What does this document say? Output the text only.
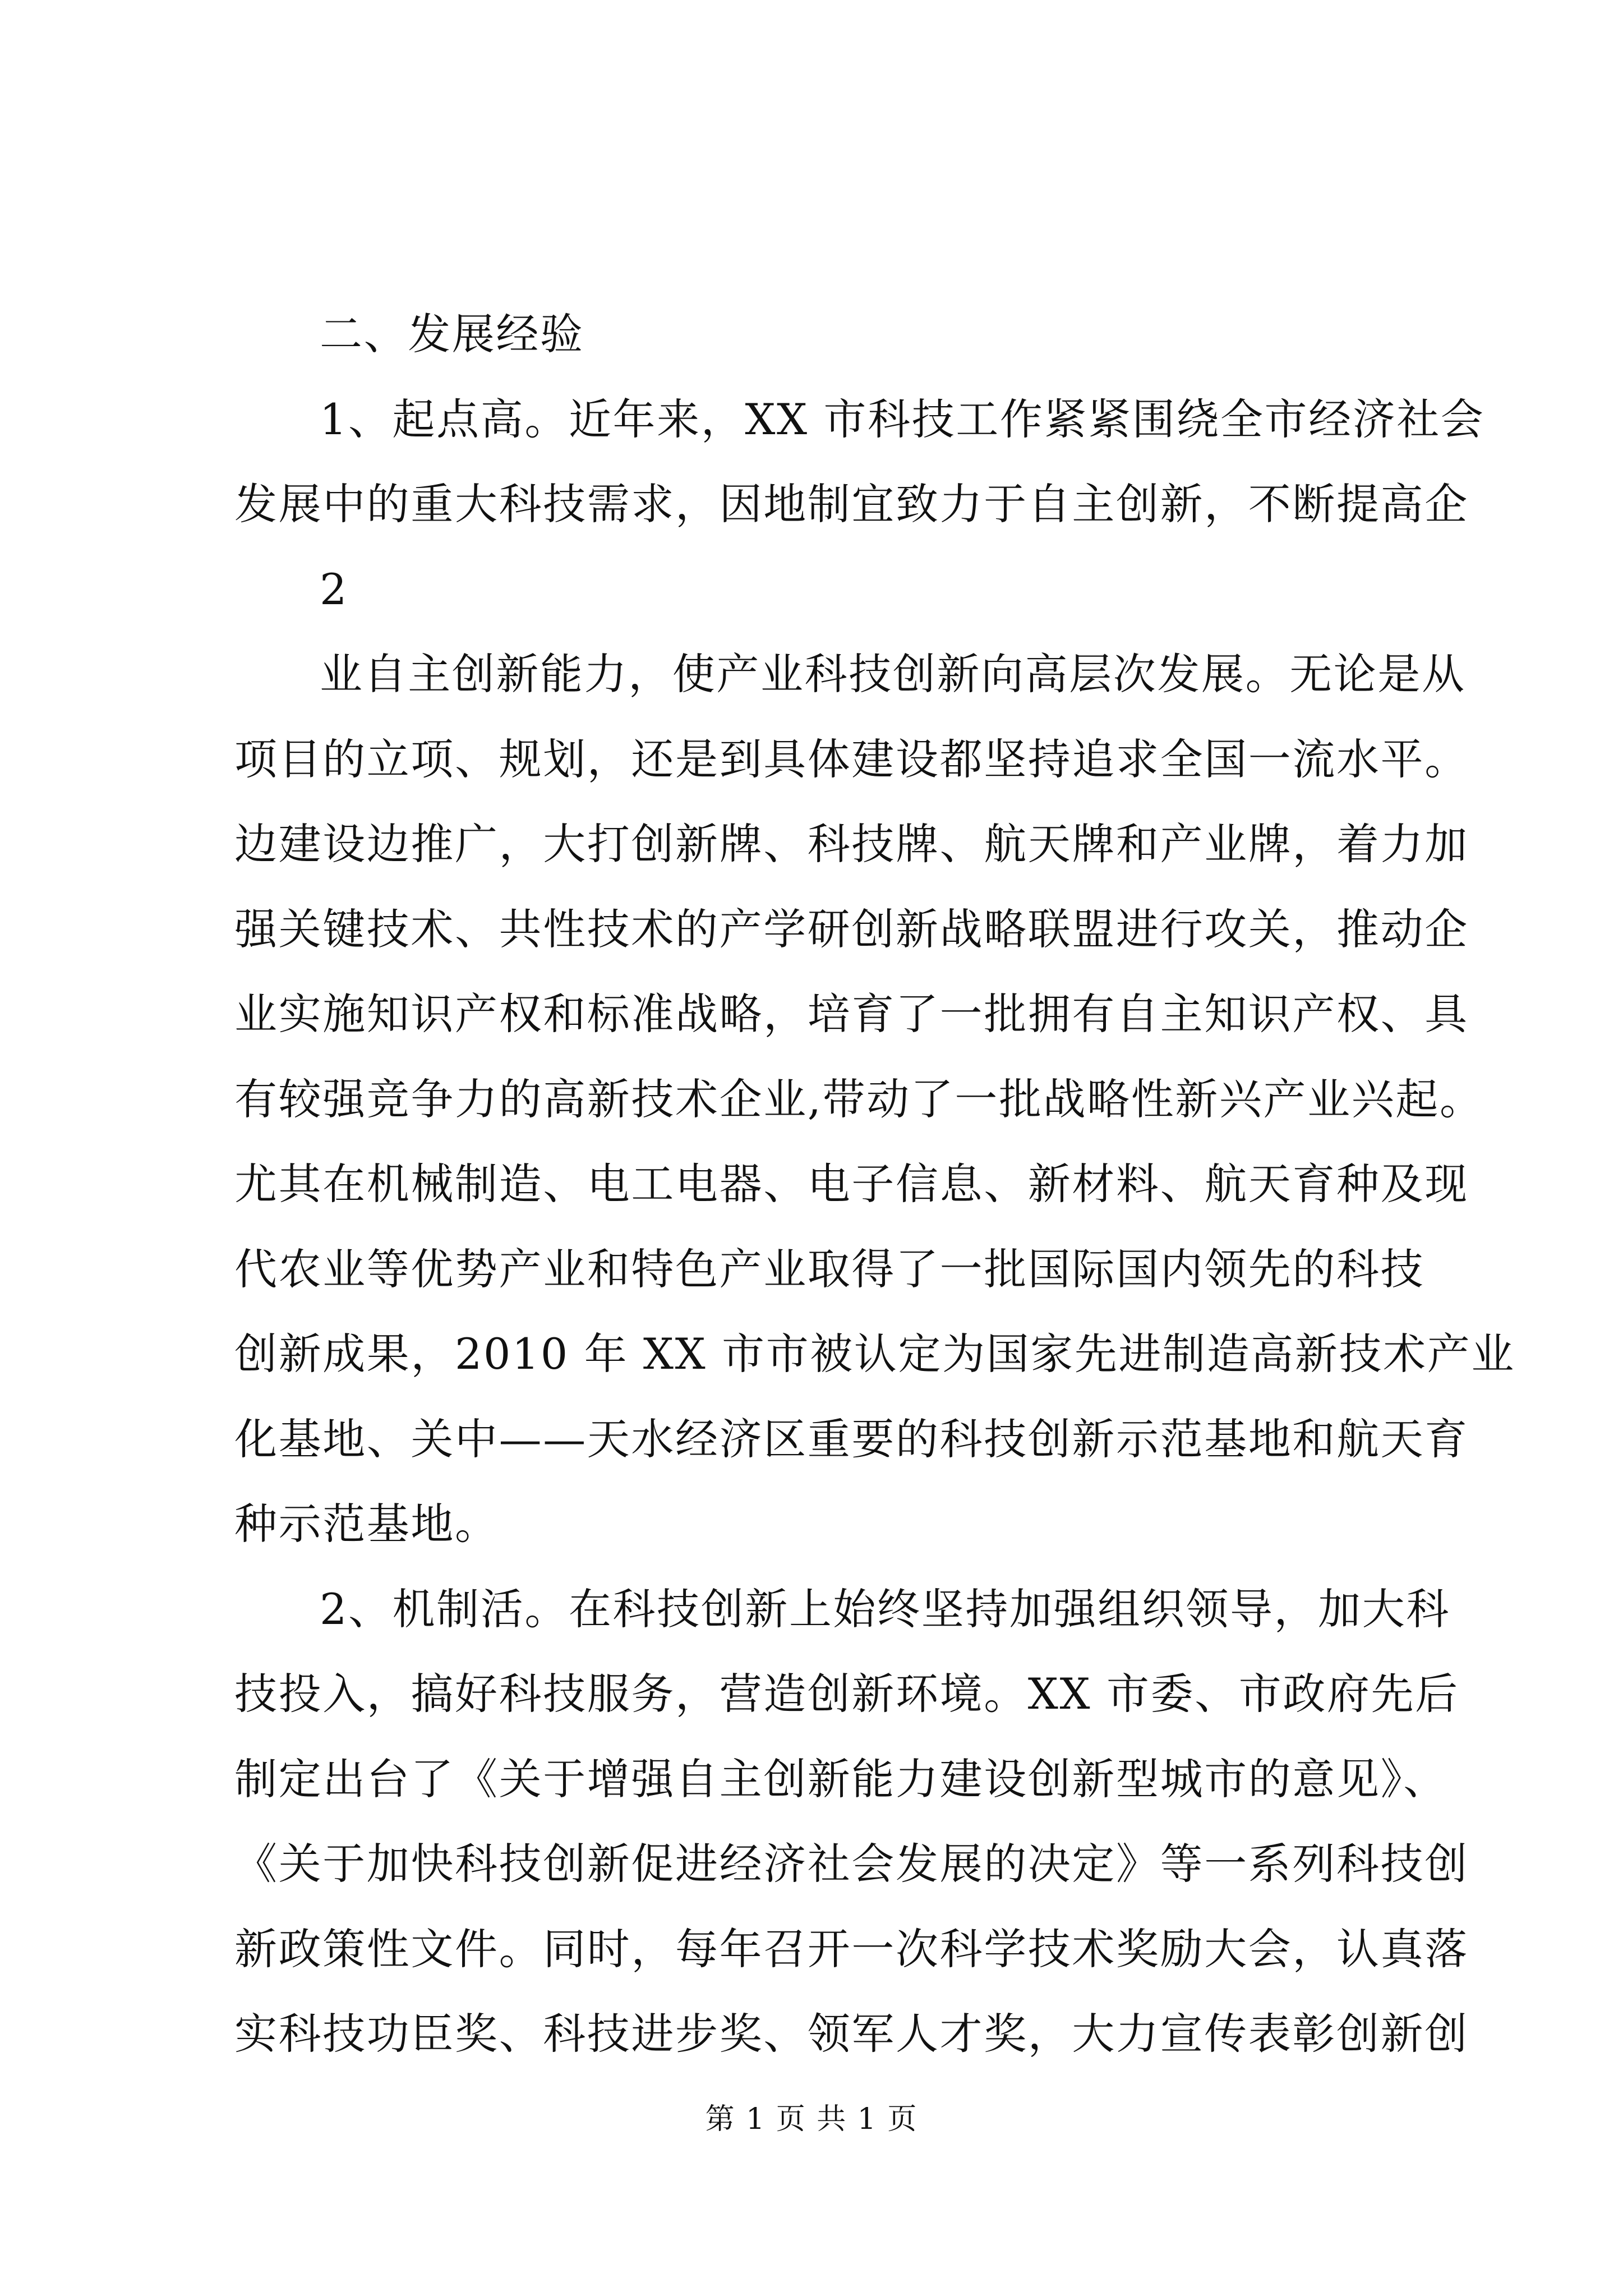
二、发展经验

1、起点高。近年来，XX 市科技工作紧紧围绕全市经济社会

发展中的重大科技需求，因地制宜致力于自主创新，不断提高企

2

业自主创新能力，使产业科技创新向高层次发展。无论是从

项目的立项、规划，还是到具体建设都坚持追求全国一流水平。

边建设边推广，大打创新牌、科技牌、航天牌和产业牌，着力加

强关键技术、共性技术的产学研创新战略联盟进行攻关，推动企

业实施知识产权和标准战略，培育了一批拥有自主知识产权、具

有较强竞争力的高新技术企业,带动了一批战略性新兴产业兴起。

尤其在机械制造、电工电器、电子信息、新材料、航天育种及现

代农业等优势产业和特色产业取得了一批国际国内领先的科技

创新成果，2010 年 XX 市市被认定为国家先进制造高新技术产业

化基地、关中——天水经济区重要的科技创新示范基地和航天育

种示范基地。

2、机制活。在科技创新上始终坚持加强组织领导，加大科

技投入，搞好科技服务，营造创新环境。XX 市委、市政府先后

制定出台了《关于增强自主创新能力建设创新型城市的意见》、

《关于加快科技创新促进经济社会发展的决定》等一系列科技创

新政策性文件。同时，每年召开一次科学技术奖励大会，认真落

实科技功臣奖、科技进步奖、领军人才奖，大力宣传表彰创新创

第 1 页 共 1 页
